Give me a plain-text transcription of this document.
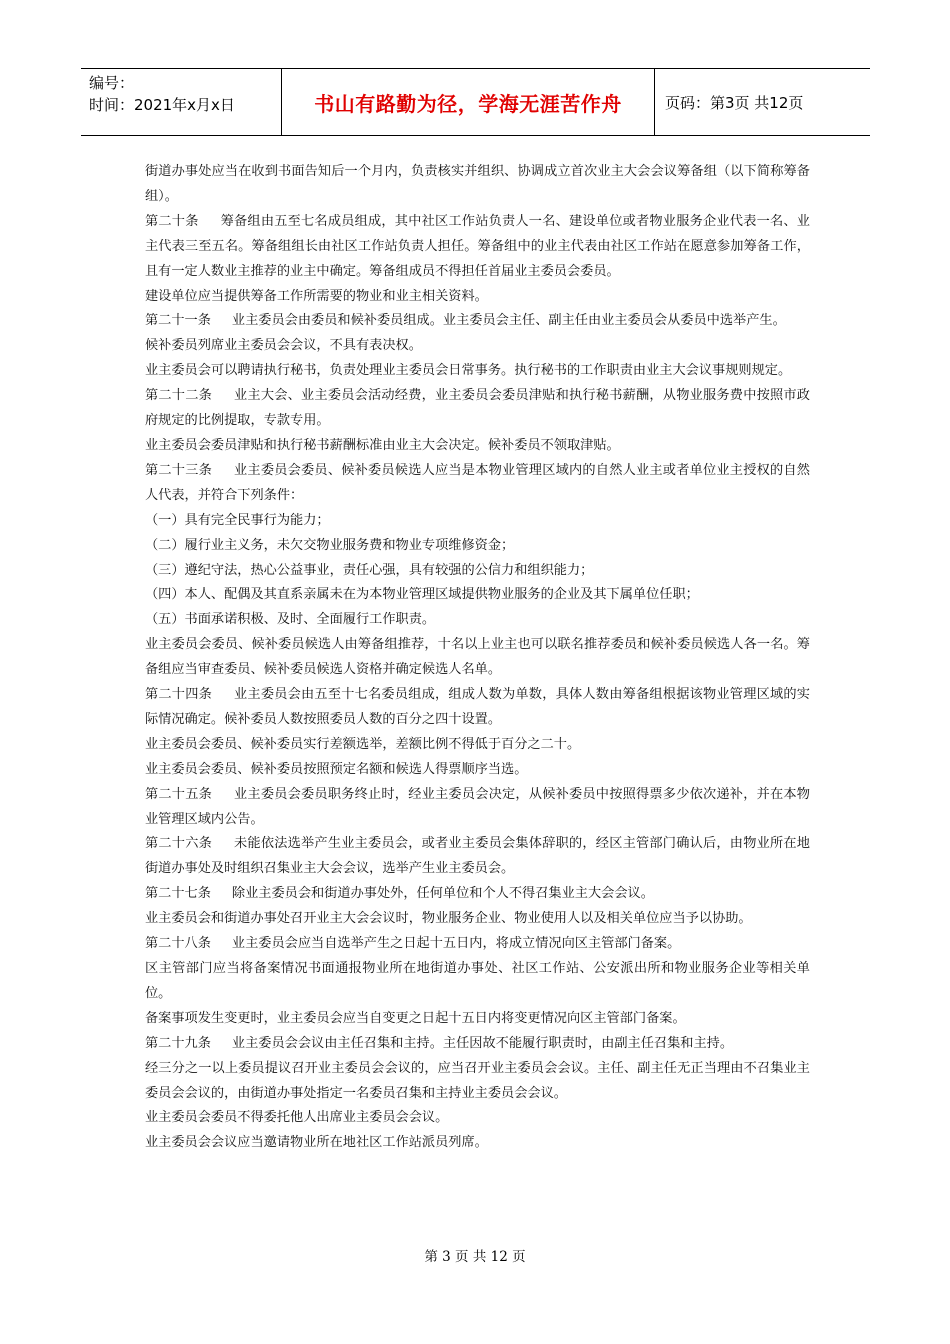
编号：
时间：2021年x月x日	书山有路勤为径，学海无涯苦作舟	页码：第3页 共12页

街道办事处应当在收到书面告知后一个月内，负责核实并组织、协调成立首次业主大会会议筹备组（以下简称筹备组）。

第二十条     筹备组由五至七名成员组成，其中社区工作站负责人一名、建设单位或者物业服务企业代表一名、业主代表三至五名。筹备组组长由社区工作站负责人担任。筹备组中的业主代表由社区工作站在愿意参加筹备工作，且有一定人数业主推荐的业主中确定。筹备组成员不得担任首届业主委员会委员。

建设单位应当提供筹备工作所需要的物业和业主相关资料。

第二十一条     业主委员会由委员和候补委员组成。业主委员会主任、副主任由业主委员会从委员中选举产生。

候补委员列席业主委员会会议，不具有表决权。

业主委员会可以聘请执行秘书，负责处理业主委员会日常事务。执行秘书的工作职责由业主大会议事规则规定。

第二十二条     业主大会、业主委员会活动经费，业主委员会委员津贴和执行秘书薪酬，从物业服务费中按照市政府规定的比例提取，专款专用。

业主委员会委员津贴和执行秘书薪酬标准由业主大会决定。候补委员不领取津贴。

第二十三条     业主委员会委员、候补委员候选人应当是本物业管理区域内的自然人业主或者单位业主授权的自然人代表，并符合下列条件：

（一）具有完全民事行为能力；

（二）履行业主义务，未欠交物业服务费和物业专项维修资金；

（三）遵纪守法，热心公益事业，责任心强，具有较强的公信力和组织能力；

（四）本人、配偶及其直系亲属未在为本物业管理区域提供物业服务的企业及其下属单位任职；

（五）书面承诺积极、及时、全面履行工作职责。

业主委员会委员、候补委员候选人由筹备组推荐，十名以上业主也可以联名推荐委员和候补委员候选人各一名。筹备组应当审查委员、候补委员候选人资格并确定候选人名单。

第二十四条     业主委员会由五至十七名委员组成，组成人数为单数，具体人数由筹备组根据该物业管理区域的实际情况确定。候补委员人数按照委员人数的百分之四十设置。

业主委员会委员、候补委员实行差额选举，差额比例不得低于百分之二十。

业主委员会委员、候补委员按照预定名额和候选人得票顺序当选。

第二十五条     业主委员会委员职务终止时，经业主委员会决定，从候补委员中按照得票多少依次递补，并在本物业管理区域内公告。

第二十六条     未能依法选举产生业主委员会，或者业主委员会集体辞职的，经区主管部门确认后，由物业所在地街道办事处及时组织召集业主大会会议，选举产生业主委员会。

第二十七条     除业主委员会和街道办事处外，任何单位和个人不得召集业主大会会议。

业主委员会和街道办事处召开业主大会会议时，物业服务企业、物业使用人以及相关单位应当予以协助。

第二十八条     业主委员会应当自选举产生之日起十五日内，将成立情况向区主管部门备案。

区主管部门应当将备案情况书面通报物业所在地街道办事处、社区工作站、公安派出所和物业服务企业等相关单位。

备案事项发生变更时，业主委员会应当自变更之日起十五日内将变更情况向区主管部门备案。

第二十九条     业主委员会会议由主任召集和主持。主任因故不能履行职责时，由副主任召集和主持。

经三分之一以上委员提议召开业主委员会会议的，应当召开业主委员会会议。主任、副主任无正当理由不召集业主委员会会议的，由街道办事处指定一名委员召集和主持业主委员会会议。

业主委员会委员不得委托他人出席业主委员会会议。

业主委员会会议应当邀请物业所在地社区工作站派员列席。

第 3 页 共 12 页
